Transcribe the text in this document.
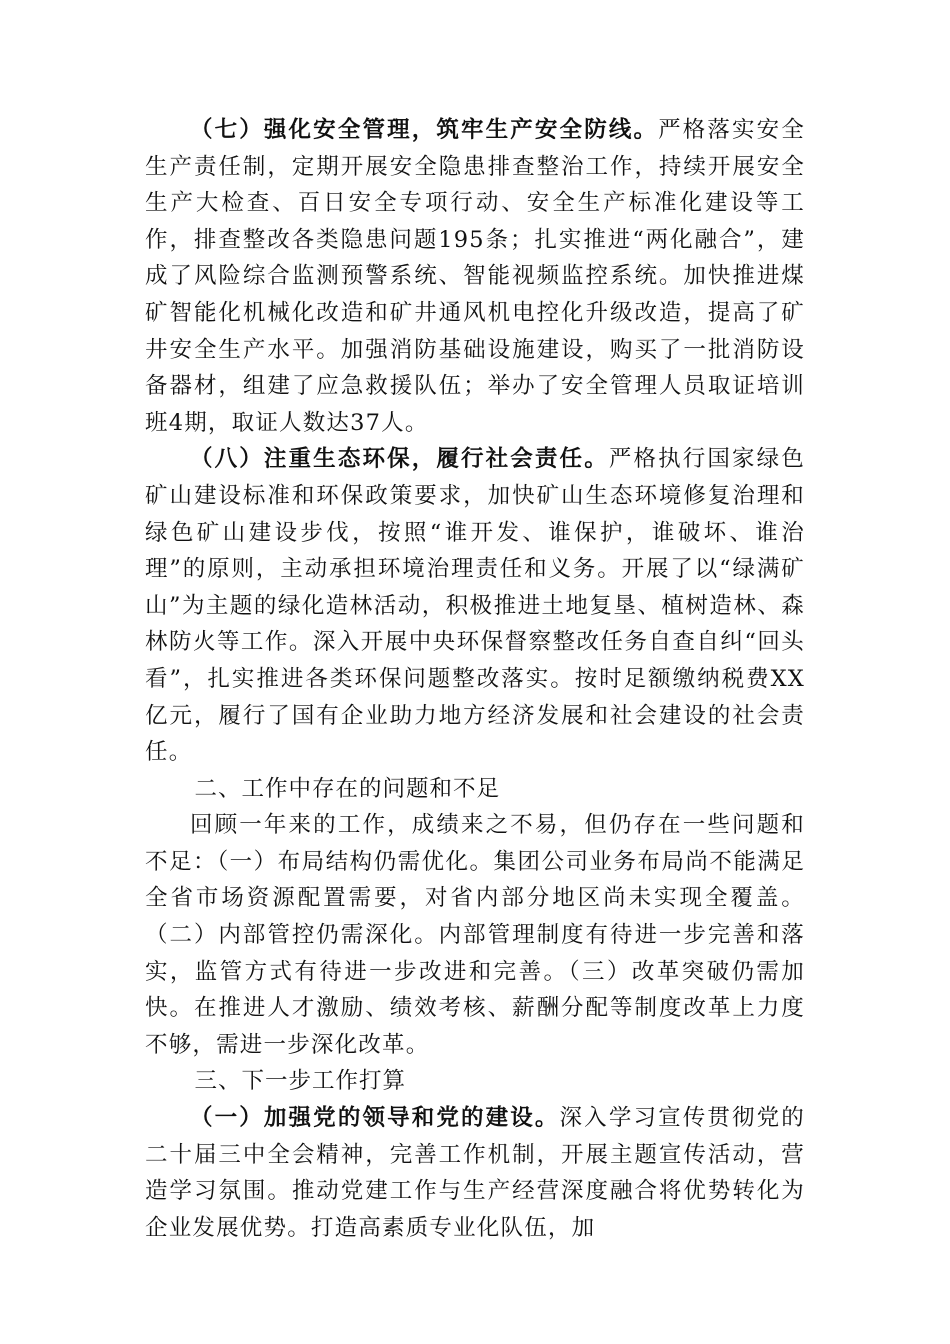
（七）强化安全管理，筑牢生产安全防线。严格落实安全生产责任制，定期开展安全隐患排查整治工作，持续开展安全生产大检查、百日安全专项行动、安全生产标准化建设等工作，排查整改各类隐患问题195条；扎实推进“两化融合”，建成了风险综合监测预警系统、智能视频监控系统。加快推进煤矿智能化机械化改造和矿井通风机电控化升级改造，提高了矿井安全生产水平。加强消防基础设施建设，购买了一批消防设备器材，组建了应急救援队伍；举办了安全管理人员取证培训班4期，取证人数达37人。

（八）注重生态环保，履行社会责任。严格执行国家绿色矿山建设标准和环保政策要求，加快矿山生态环境修复治理和绿色矿山建设步伐，按照“谁开发、谁保护，谁破坏、谁治理”的原则，主动承担环境治理责任和义务。开展了以“绿满矿山”为主题的绿化造林活动，积极推进土地复垦、植树造林、森林防火等工作。深入开展中央环保督察整改任务自查自纠“回头看”，扎实推进各类环保问题整改落实。按时足额缴纳税费XX亿元，履行了国有企业助力地方经济发展和社会建设的社会责任。

二、工作中存在的问题和不足

回顾一年来的工作，成绩来之不易，但仍存在一些问题和不足：（一）布局结构仍需优化。集团公司业务布局尚不能满足全省市场资源配置需要，对省内部分地区尚未实现全覆盖。（二）内部管控仍需深化。内部管理制度有待进一步完善和落实，监管方式有待进一步改进和完善。（三）改革突破仍需加快。在推进人才激励、绩效考核、薪酬分配等制度改革上力度不够，需进一步深化改革。

三、下一步工作打算

（一）加强党的领导和党的建设。深入学习宣传贯彻党的二十届三中全会精神，完善工作机制，开展主题宣传活动，营造学习氛围。推动党建工作与生产经营深度融合将优势转化为企业发展优势。打造高素质专业化队伍，加
